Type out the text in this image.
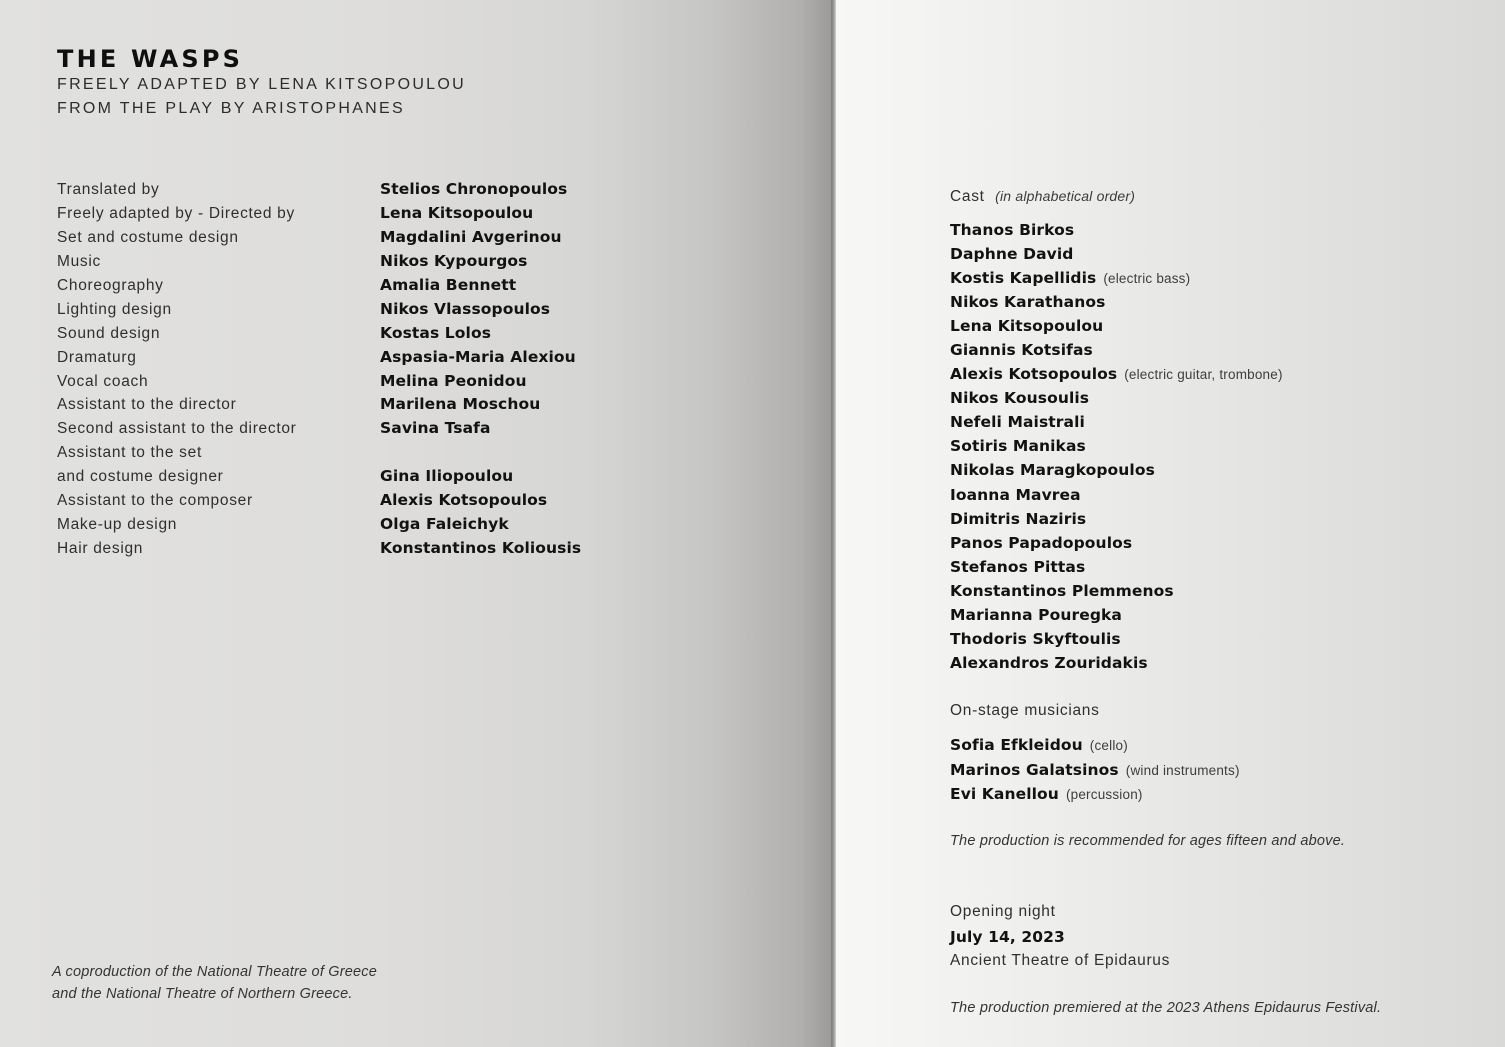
THE WASPS
FREELY ADAPTED BY LENA KITSOPOULOU
FROM THE PLAY BY ARISTOPHANES
Translated by	Stelios Chronopoulos
Freely adapted by - Directed by	Lena Kitsopoulou
Set and costume design	Magdalini Avgerinou
Music	Nikos Kypourgos
Choreography	Amalia Bennett
Lighting design	Nikos Vlassopoulos
Sound design	Kostas Lolos
Dramaturg	Aspasia-Maria Alexiou
Vocal coach	Melina Peonidou
Assistant to the director	Marilena Moschou
Second assistant to the director	Savina Tsafa
Assistant to the set
and costume designer	Gina Iliopoulou
Assistant to the composer	Alexis Kotsopoulos
Make-up design	Olga Faleichyk
Hair design	Konstantinos Koliousis
A coproduction of the National Theatre of Greece
and the National Theatre of Northern Greece.
Cast (in alphabetical order)
Thanos Birkos
Daphne David
Kostis Kapellidis (electric bass)
Nikos Karathanos
Lena Kitsopoulou
Giannis Kotsifas
Alexis Kotsopoulos (electric guitar, trombone)
Nikos Kousoulis
Nefeli Maistrali
Sotiris Manikas
Nikolas Maragkopoulos
Ioanna Mavrea
Dimitris Naziris
Panos Papadopoulos
Stefanos Pittas
Konstantinos Plemmenos
Marianna Pouregka
Thodoris Skyftoulis
Alexandros Zouridakis
On-stage musicians
Sofia Efkleidou (cello)
Marinos Galatsinos (wind instruments)
Evi Kanellou (percussion)
The production is recommended for ages fifteen and above.
Opening night
July 14, 2023
Ancient Theatre of Epidaurus
The production premiered at the 2023 Athens Epidaurus Festival.
